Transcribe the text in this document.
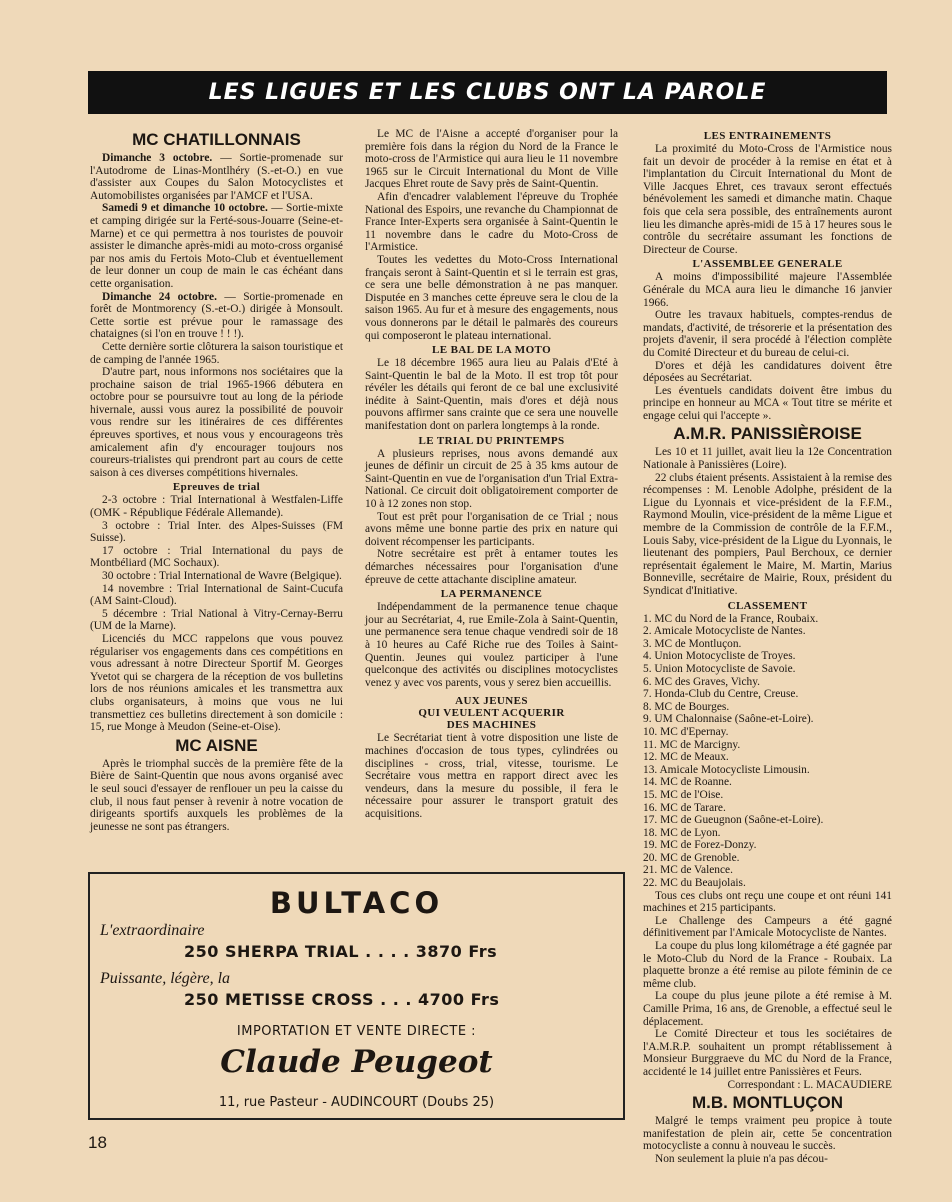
LES LIGUES ET LES CLUBS ONT LA PAROLE
MC CHATILLONNAIS

Dimanche 3 octobre. — Sortie-promenade sur l'Autodrome de Linas-Montlhéry (S.-et-O.) en vue d'assister aux Coupes du Salon Motocyclistes et Automobilistes organisées par l'AMCF et l'USA.

Samedi 9 et dimanche 10 octobre. — Sortie-mixte et camping dirigée sur la Ferté-sous-Jouarre (Seine-et-Marne) et ce qui permettra à nos touristes de pouvoir assister le dimanche après-midi au moto-cross organisé par nos amis du Fertois Moto-Club et éventuellement de leur donner un coup de main le cas échéant dans cette organisation.

Dimanche 24 octobre. — Sortie-promenade en forêt de Montmorency (S.-et-O.) dirigée à Monsoult. Cette sortie est prévue pour le ramassage des chataignes (si l'on en trouve ! ! !).

Cette dernière sortie clôturera la saison touristique et de camping de l'année 1965.

D'autre part, nous informons nos sociétaires que la prochaine saison de trial 1965-1966 débutera en octobre pour se poursuivre tout au long de la période hivernale, aussi vous aurez la possibilité de pouvoir vous rendre sur les itinéraires de ces différentes épreuves sportives, et nous vous y encourageons très amicalement afin d'y encourager toujours nos coureurs-trialistes qui prendront part au cours de cette saison à ces diverses compétitions hivernales.

Epreuves de trial

2-3 octobre : Trial International à Westfalen-Liffe (OMK - République Fédérale Allemande).

3 octobre : Trial Inter. des Alpes-Suisses (FM Suisse).

17 octobre : Trial International du pays de Montbéliard (MC Sochaux).

30 octobre : Trial International de Wavre (Belgique).

14 novembre : Trial International de Saint-Cucufa (AM Saint-Cloud).

5 décembre : Trial National à Vitry-Cernay-Berru (UM de la Marne).

Licenciés du MCC rappelons que vous pouvez régulariser vos engagements dans ces compétitions en vous adressant à notre Directeur Sportif M. Georges Yvetot qui se chargera de la réception de vos bulletins lors de nos réunions amicales et les transmettra aux clubs organisateurs, à moins que vous ne lui transmettiez ces bulletins directement à son domicile : 15, rue Monge à Meudon (Seine-et-Oise).

MC AISNE

Après le triomphal succès de la première fête de la Bière de Saint-Quentin que nous avons organisé avec le seul souci d'essayer de renflouer un peu la caisse du club, il nous faut penser à revenir à notre vocation de dirigeants sportifs auxquels les problèmes de la jeunesse ne sont pas étrangers.

Le MC de l'Aisne a accepté d'organiser pour la première fois dans la région du Nord de la France le moto-cross de l'Armistice qui aura lieu le 11 novembre 1965 sur le Circuit International du Mont de Ville Jacques Ehret route de Savy près de Saint-Quentin.

Afin d'encadrer valablement l'épreuve du Trophée National des Espoirs, une revanche du Championnat de France Inter-Experts sera organisée à Saint-Quentin le 11 novembre dans le cadre du Moto-Cross de l'Armistice.

Toutes les vedettes du Moto-Cross International français seront à Saint-Quentin et si le terrain est gras, ce sera une belle démonstration à ne pas manquer. Disputée en 3 manches cette épreuve sera le clou de la saison 1965. Au fur et à mesure des engagements, nous vous donnerons par le détail le palmarès des coureurs qui composeront le plateau international.

LE BAL DE LA MOTO

Le 18 décembre 1965 aura lieu au Palais d'Eté à Saint-Quentin le bal de la Moto. Il est trop tôt pour révéler les détails qui feront de ce bal une exclusivité inédite à Saint-Quentin, mais d'ores et déjà nous pouvons affirmer sans crainte que ce sera une nouvelle manifestation dont on parlera longtemps à la ronde.

LE TRIAL DU PRINTEMPS

A plusieurs reprises, nous avons demandé aux jeunes de définir un circuit de 25 à 35 kms autour de Saint-Quentin en vue de l'organisation d'un Trial Extra-National. Ce circuit doit obligatoirement comporter de 10 à 12 zones non stop.

Tout est prêt pour l'organisation de ce Trial ; nous avons même une bonne partie des prix en nature qui doivent récompenser les participants.

Notre secrétaire est prêt à entamer toutes les démarches nécessaires pour l'organisation d'une épreuve de cette attachante discipline amateur.

LA PERMANENCE

Indépendamment de la permanence tenue chaque jour au Secrétariat, 4, rue Emile-Zola à Saint-Quentin, une permanence sera tenue chaque vendredi soir de 18 à 10 heures au Café Riche rue des Toiles à Saint-Quentin. Jeunes qui voulez participer à l'une quelconque des activités ou disciplines motocyclistes venez y avec vos parents, vous y serez bien accueillis.

AUX JEUNES
QUI VEULENT ACQUERIR
DES MACHINES

Le Secrétariat tient à votre disposition une liste de machines d'occasion de tous types, cylindrées ou disciplines - cross, trial, vitesse, tourisme. Le Secrétaire vous mettra en rapport direct avec les vendeurs, dans la mesure du possible, il fera le nécessaire pour assurer le transport gratuit des acquisitions.

LES ENTRAINEMENTS

La proximité du Moto-Cross de l'Armistice nous fait un devoir de procéder à la remise en état et à l'implantation du Circuit International du Mont de Ville Jacques Ehret, ces travaux seront effectués bénévolement les samedi et dimanche matin. Chaque fois que cela sera possible, des entraînements auront lieu les dimanche après-midi de 15 à 17 heures sous le contrôle du secrétaire assumant les fonctions de Directeur de Course.

L'ASSEMBLEE GENERALE

A moins d'impossibilité majeure l'Assemblée Générale du MCA aura lieu le dimanche 16 janvier 1966.

Outre les travaux habituels, comptes-rendus de mandats, d'activité, de trésorerie et la présentation des projets d'avenir, il sera procédé à l'élection complète du Comité Directeur et du bureau de celui-ci.

D'ores et déjà les candidatures doivent être déposées au Secrétariat.

Les éventuels candidats doivent être imbus du principe en honneur au MCA « Tout titre se mérite et engage celui qui l'accepte ».

A.M.R. PANISSIÈROISE

Les 10 et 11 juillet, avait lieu la 12e Concentration Nationale à Panissières (Loire).

22 clubs étaient présents. Assistaient à la remise des récompenses : M. Lenoble Adolphe, président de la Ligue du Lyonnais et vice-président de la F.F.M., Raymond Moulin, vice-président de la même Ligue et membre de la Commission de contrôle de la F.F.M., Louis Saby, vice-président de la Ligue du Lyonnais, le lieutenant des pompiers, Paul Berchoux, ce dernier représentait également le Maire, M. Martin, Marius Bonneville, secrétaire de Mairie, Roux, président du Syndicat d'Initiative.

CLASSEMENT

1. MC du Nord de la France, Roubaix.

2. Amicale Motocycliste de Nantes.

3. MC de Montluçon.

4. Union Motocycliste de Troyes.

5. Union Motocycliste de Savoie.

6. MC des Graves, Vichy.

7. Honda-Club du Centre, Creuse.

8. MC de Bourges.

9. UM Chalonnaise (Saône-et-Loire).

10. MC d'Epernay.

11. MC de Marcigny.

12. MC de Meaux.

13. Amicale Motocycliste Limousin.

14. MC de Roanne.

15. MC de l'Oise.

16. MC de Tarare.

17. MC de Gueugnon (Saône-et-Loire).

18. MC de Lyon.

19. MC de Forez-Donzy.

20. MC de Grenoble.

21. MC de Valence.

22. MC du Beaujolais.

Tous ces clubs ont reçu une coupe et ont réuni 141 machines et 215 participants.

Le Challenge des Campeurs a été gagné définitivement par l'Amicale Motocycliste de Nantes.

La coupe du plus long kilométrage a été gagnée par le Moto-Club du Nord de la France - Roubaix. La plaquette bronze a été remise au pilote féminin de ce même club.

La coupe du plus jeune pilote a été remise à M. Camille Prima, 16 ans, de Grenoble, a effectué seul le déplacement.

Le Comité Directeur et tous les sociétaires de l'A.M.R.P. souhaitent un prompt rétablissement à Monsieur Burggraeve du MC du Nord de la France, accidenté le 14 juillet entre Panissières et Feurs.

Correspondant : L. MACAUDIERE

M.B. MONTLUÇON

Malgré le temps vraiment peu propice à toute manifestation de plein air, cette 5e concentration motocycliste a connu à nouveau le succès.

Non seulement la pluie n'a pas décou-

BULTACO
L'extraordinaire
250 SHERPA TRIAL . . . . 3870 Frs
Puissante, légère, la
250 METISSE CROSS . . . 4700 Frs
IMPORTATION ET VENTE DIRECTE :
Claude Peugeot
11, rue Pasteur - AUDINCOURT (Doubs 25)
18
